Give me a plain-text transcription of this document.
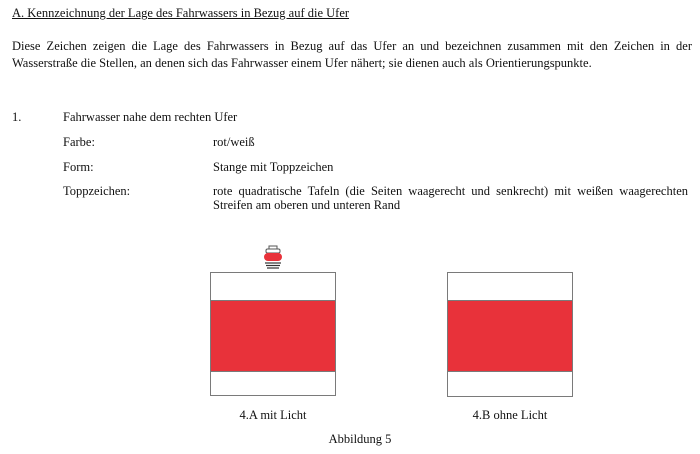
A. Kennzeichnung der Lage des Fahrwassers in Bezug auf die Ufer
Diese Zeichen zeigen die Lage des Fahrwassers in Bezug auf das Ufer an und bezeichnen zusammen mit den Zeichen in der Wasserstraße die Stellen, an denen sich das Fahrwasser einem Ufer nähert; sie dienen auch als Orientierungspunkte.
1.	Fahrwasser nahe dem rechten Ufer
Farbe:	rot/weiß
Form:	Stange mit Toppzeichen
Toppzeichen:	rote quadratische Tafeln (die Seiten waagerecht und senkrecht) mit weißen waagerechten Streifen am oberen und unteren Rand
4.A mit Licht	4.B ohne Licht
Abbildung 5
